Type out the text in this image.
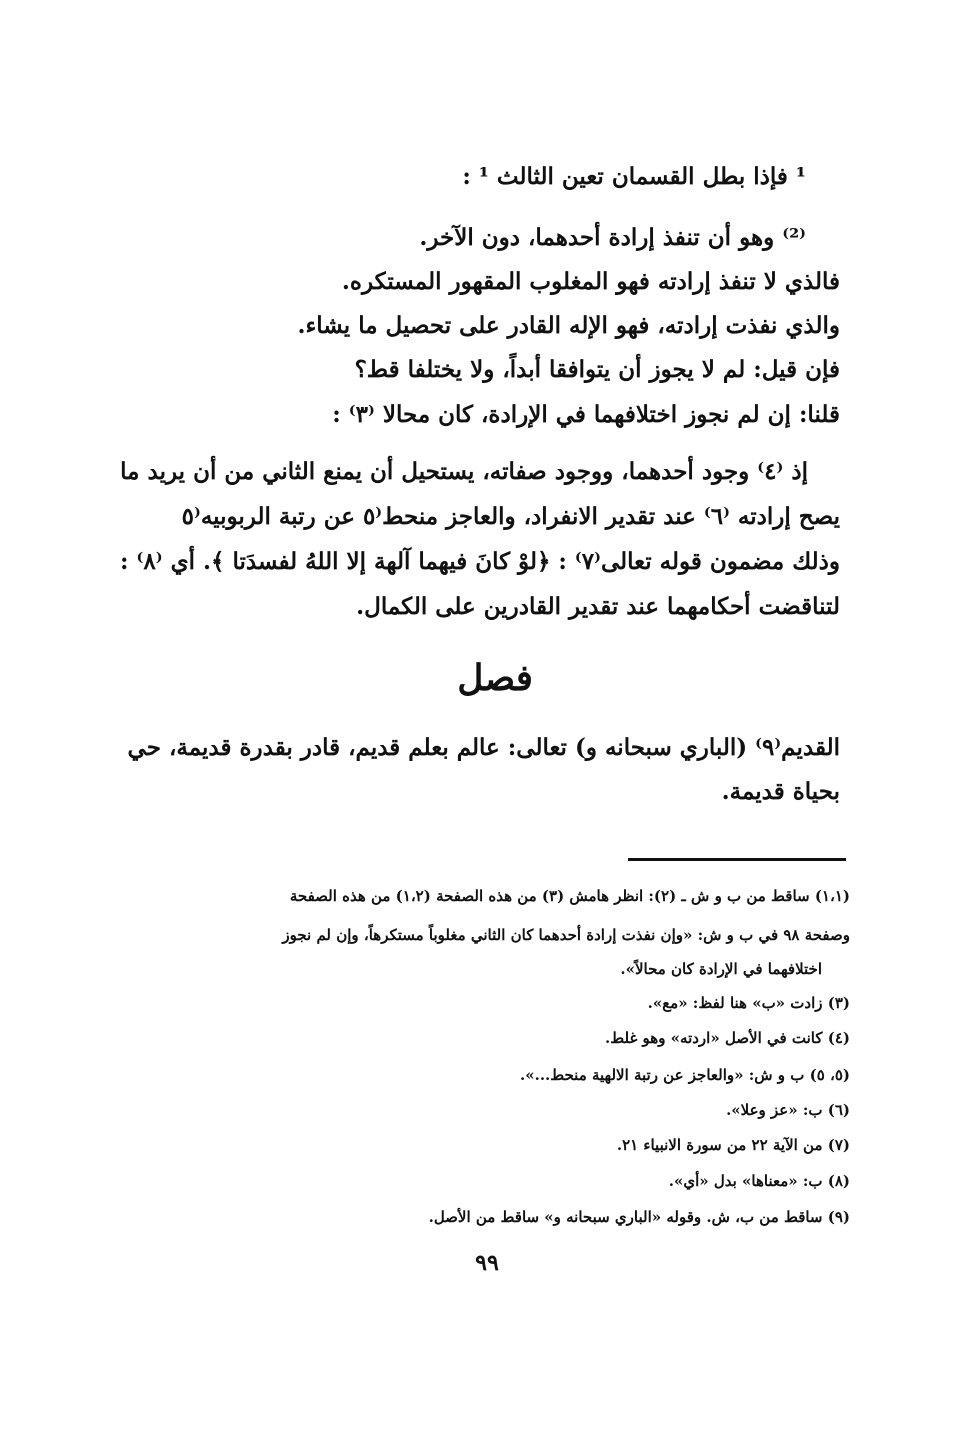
¹ فإذا بطل القسمان تعين الثالث ¹ :
⁽²⁾ وهو أن تنفذ إرادة أحدهما، دون الآخر.
فالذي لا تنفذ إرادته فهو المغلوب المقهور المستكره.
والذي نفذت إرادته، فهو الإله القادر على تحصيل ما يشاء.
فإن قيل: لم لا يجوز أن يتوافقا أبداً، ولا يختلفا قط؟
قلنا: إن لم نجوز اختلافهما في الإرادة، كان محالا ⁽٣⁾ :
إذ ⁽٤⁾ وجود أحدهما، ووجود صفاته، يستحيل أن يمنع الثاني من أن يريد ما
يصح إرادته ⁽٦⁾ عند تقدير الانفراد، والعاجز منحط⁽٥ عن رتبة الربوبيه⁽٥
وذلك مضمون قوله تعالى⁽٧⁾ : ﴿لوْ كانَ فيهما آلهة إلا اللهُ لفسدَتا ﴾. أي ⁽٨⁾ :
لتناقضت أحكامهما عند تقدير القادرين على الكمال.
فصل
القديم⁽٩⁾ (الباري سبحانه و) تعالى: عالم بعلم قديم، قادر بقدرة قديمة، حي
بحياة قديمة.
(١،١) ساقط من ب و ش ـ (٢): انظر هامش (٣) من هذه الصفحة (١،٢) من هذه الصفحة
وصفحة ٩٨ في ب و ش: «وإن نفذت إرادة أحدهما كان الثاني مغلوباً مستكرهاً، وإن لم نجوز
اختلافهما في الإرادة كان محالاً».
(٣) زادت «ب» هنا لفظ: «مع».
(٤) كانت في الأصل «اردته» وهو غلط.
(٥، ٥) ب و ش: «والعاجز عن رتبة الالهية منحط...».
(٦) ب: «عز وعلا».
(٧) من الآية ٢٢ من سورة الانبياء ٢١.
(٨) ب: «معناها» بدل «أي».
(٩) ساقط من ب، ش. وقوله «الباري سبحانه و» ساقط من الأصل.
٩٩
